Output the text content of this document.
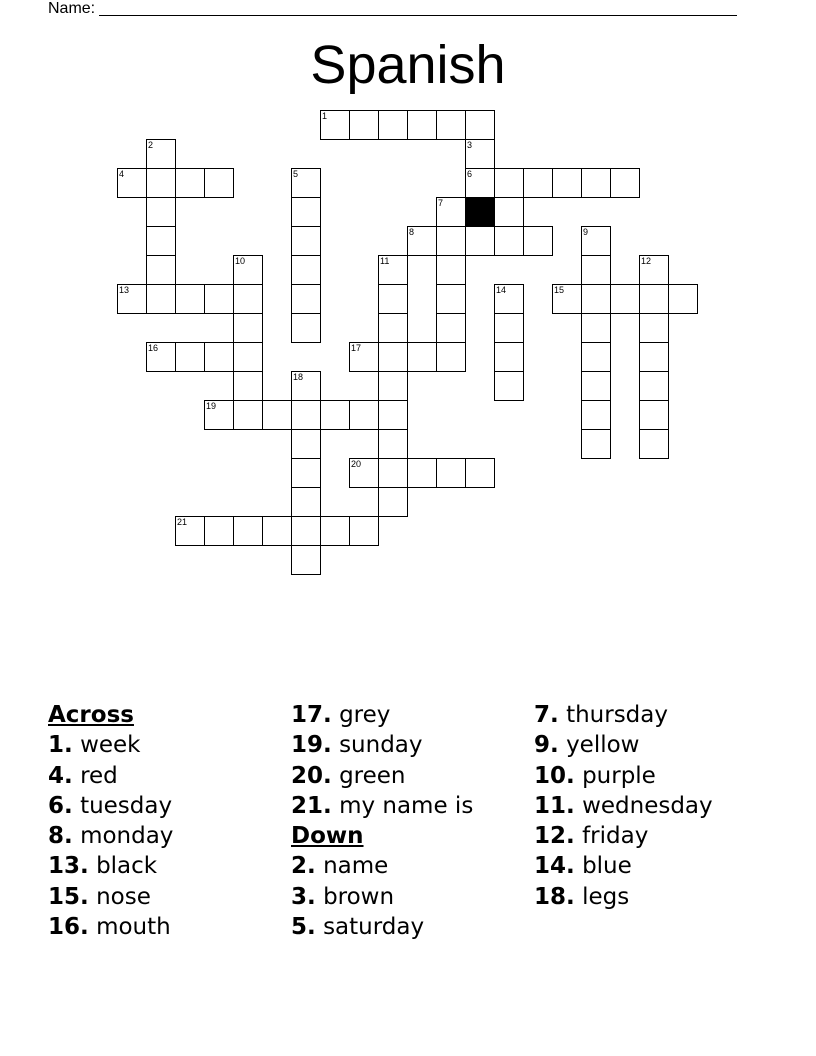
Name:
Spanish
1
2	3
4	5	6
7
8	9
10	11	12
13	14	15
16	17
18
19
20
21
Across
1. week
4. red
6. tuesday
8. monday
13. black
15. nose
16. mouth
17. grey
19. sunday
20. green
21. my name is
Down
2. name
3. brown
5. saturday
7. thursday
9. yellow
10. purple
11. wednesday
12. friday
14. blue
18. legs
